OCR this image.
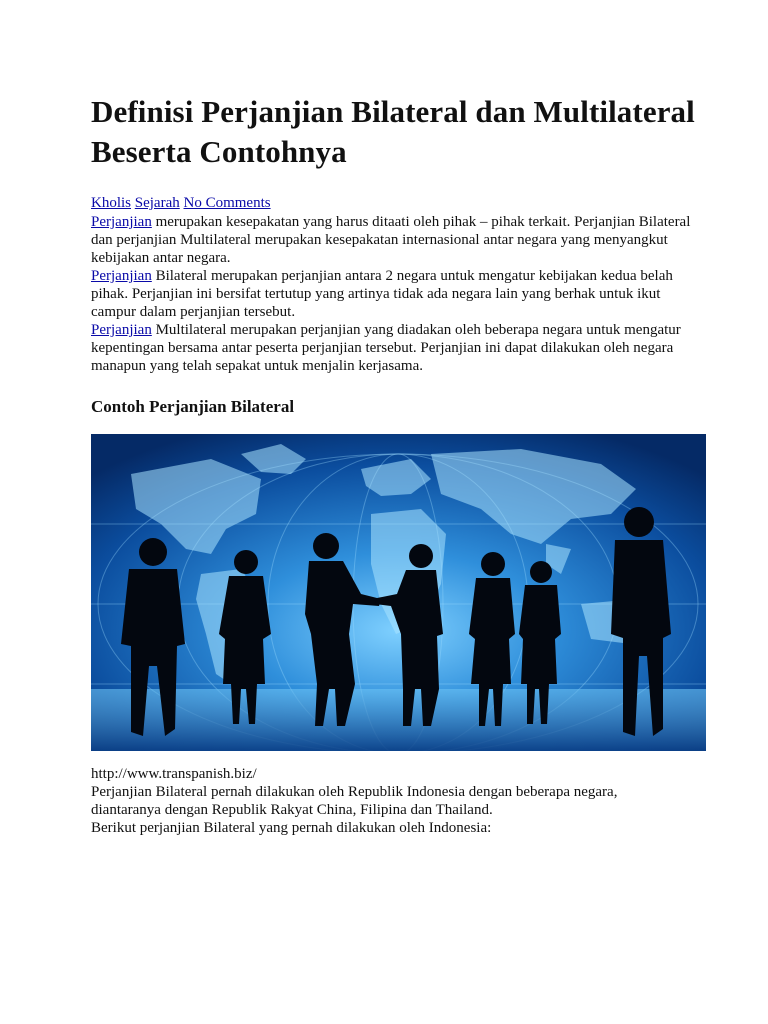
Definisi Perjanjian Bilateral dan Multilateral Beserta Contohnya
Kholis Sejarah No Comments

Perjanjian merupakan kesepakatan yang harus ditaati oleh pihak – pihak terkait. Perjanjian Bilateral dan perjanjian Multilateral merupakan kesepakatan internasional antar negara yang menyangkut kebijakan antar negara.

Perjanjian Bilateral merupakan perjanjian antara 2 negara untuk mengatur kebijakan kedua belah pihak. Perjanjian ini bersifat tertutup yang artinya tidak ada negara lain yang berhak untuk ikut campur dalam perjanjian tersebut.

Perjanjian Multilateral merupakan perjanjian yang diadakan oleh beberapa negara untuk mengatur kepentingan bersama antar peserta perjanjian tersebut. Perjanjian ini dapat dilakukan oleh negara manapun yang telah sepakat untuk menjalin kerjasama.

Contoh Perjanjian Bilateral
http://www.transpanish.biz/

Perjanjian Bilateral pernah dilakukan oleh Republik Indonesia dengan beberapa negara, diantaranya dengan Republik Rakyat China, Filipina dan Thailand.

Berikut perjanjian Bilateral yang pernah dilakukan oleh Indonesia:
